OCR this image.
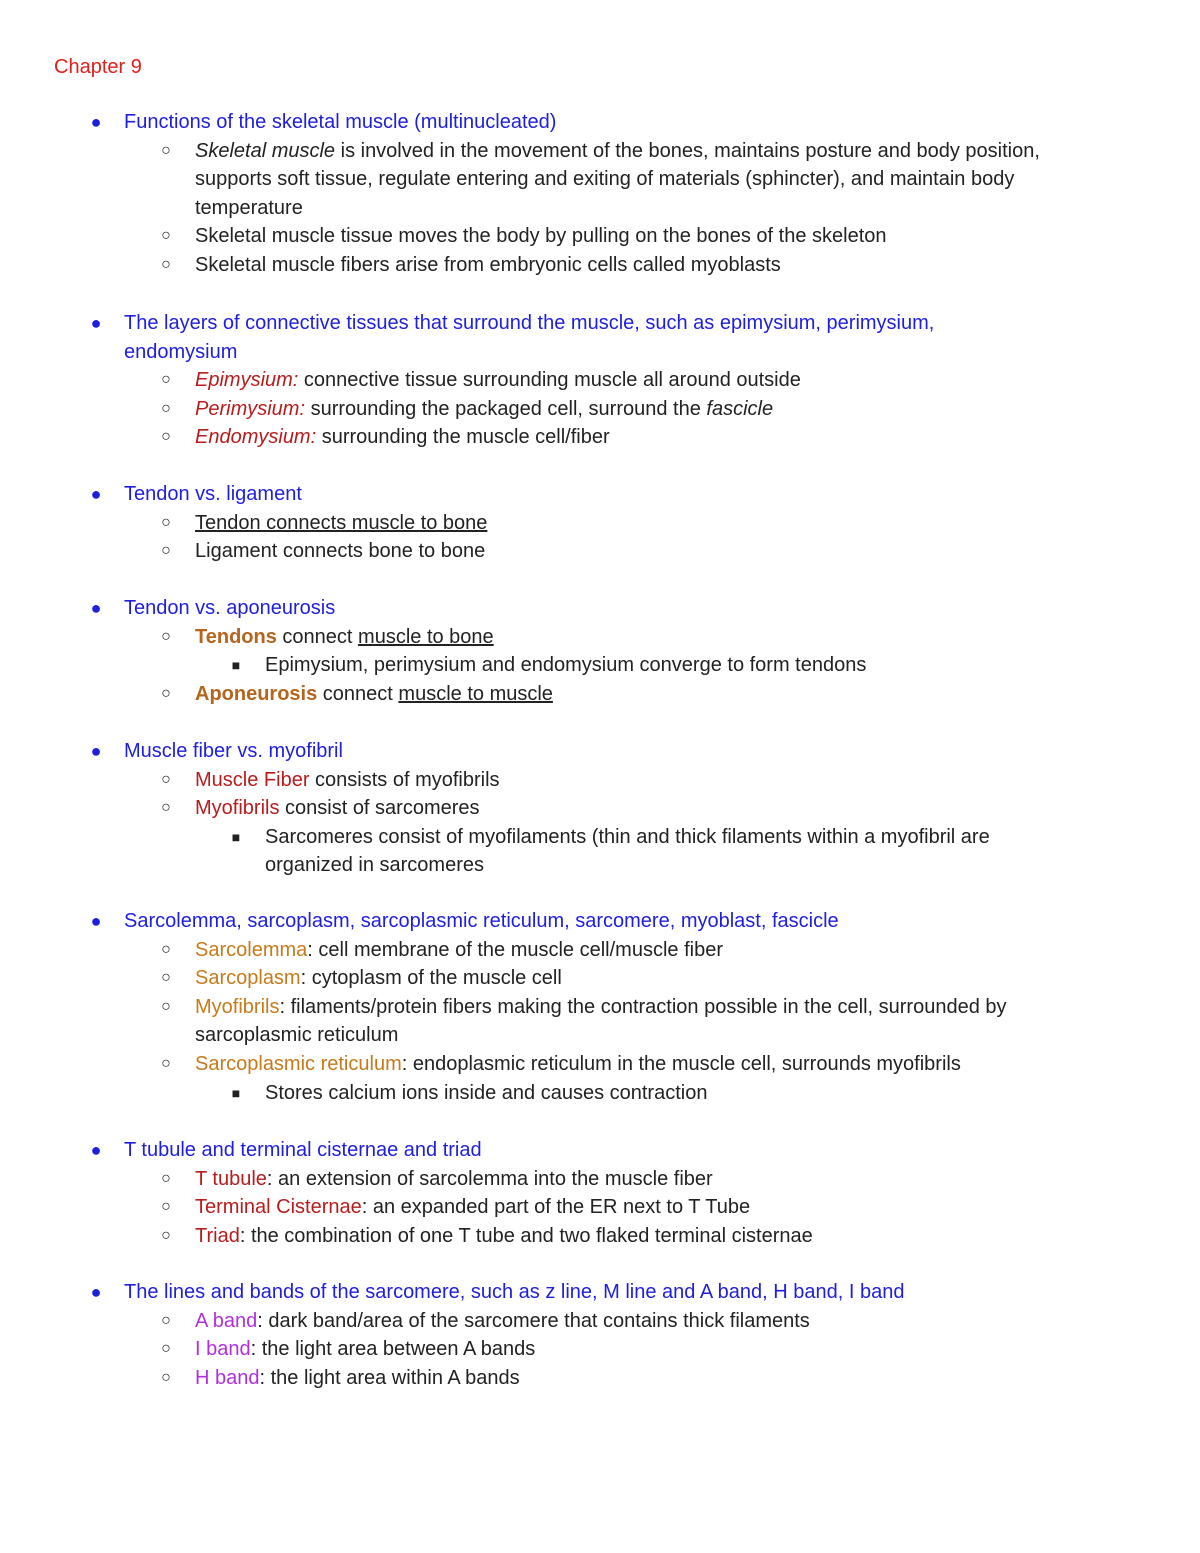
Chapter 9
● Functions of the skeletal muscle (multinucleated)
○ Skeletal muscle is involved in the movement of the bones, maintains posture and body position, supports soft tissue, regulate entering and exiting of materials (sphincter), and maintain body temperature
○ Skeletal muscle tissue moves the body by pulling on the bones of the skeleton
○ Skeletal muscle fibers arise from embryonic cells called myoblasts
● The layers of connective tissues that surround the muscle, such as epimysium, perimysium, endomysium
○ Epimysium: connective tissue surrounding muscle all around outside
○ Perimysium: surrounding the packaged cell, surround the fascicle
○ Endomysium: surrounding the muscle cell/fiber
● Tendon vs. ligament
○ Tendon connects muscle to bone
○ Ligament connects bone to bone
● Tendon vs. aponeurosis
○ Tendons connect muscle to bone
■ Epimysium, perimysium and endomysium converge to form tendons
○ Aponeurosis connect muscle to muscle
● Muscle fiber vs. myofibril
○ Muscle Fiber consists of myofibrils
○ Myofibrils consist of sarcomeres
■ Sarcomeres consist of myofilaments (thin and thick filaments within a myofibril are organized in sarcomeres
● Sarcolemma, sarcoplasm, sarcoplasmic reticulum, sarcomere, myoblast, fascicle
○ Sarcolemma: cell membrane of the muscle cell/muscle fiber
○ Sarcoplasm: cytoplasm of the muscle cell
○ Myofibrils: filaments/protein fibers making the contraction possible in the cell, surrounded by sarcoplasmic reticulum
○ Sarcoplasmic reticulum: endoplasmic reticulum in the muscle cell, surrounds myofibrils
■ Stores calcium ions inside and causes contraction
● T tubule and terminal cisternae and triad
○ T tubule: an extension of sarcolemma into the muscle fiber
○ Terminal Cisternae: an expanded part of the ER next to T Tube
○ Triad: the combination of one T tube and two flaked terminal cisternae
● The lines and bands of the sarcomere, such as z line, M line and A band, H band, I band
○ A band: dark band/area of the sarcomere that contains thick filaments
○ I band: the light area between A bands
○ H band: the light area within A bands
